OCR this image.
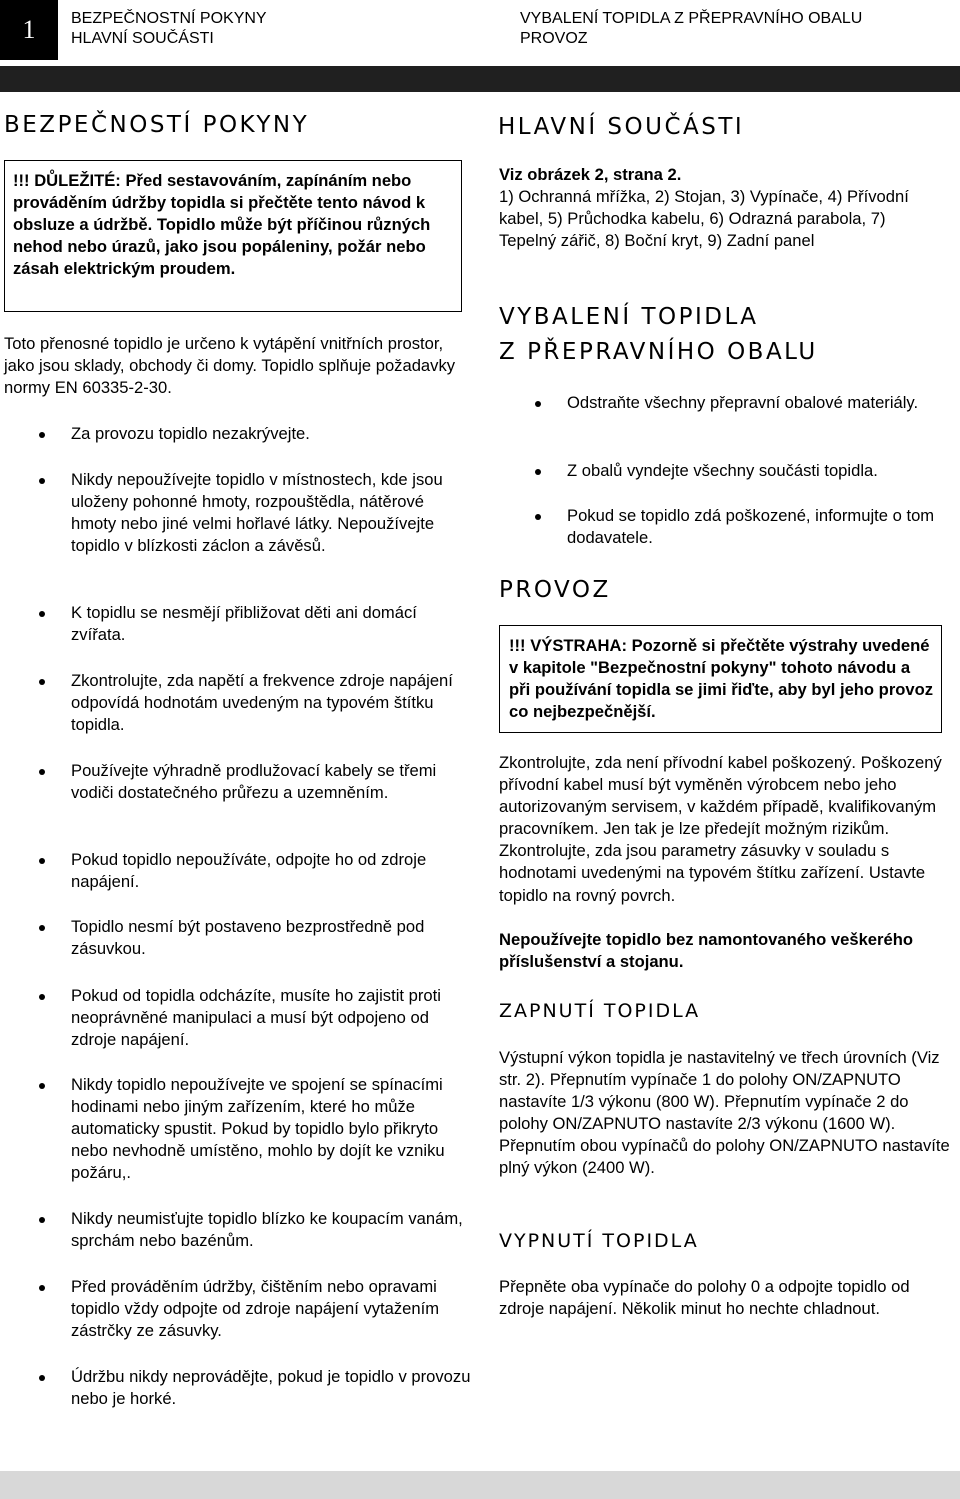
1	BEZPEČNOSTNÍ POKYNY
HLAVNÍ SOUČÁSTI
VYBALENÍ TOPIDLA Z PŘEPRAVNÍHO OBALU
PROVOZ
BEZPEČNOSTÍ POKYNY
!!! DŮLEŽITÉ: Před sestavováním, zapínáním nebo prováděním údržby topidla si přečtěte tento návod k obsluze a údržbě. Topidlo může být příčinou různých nehod nebo úrazů, jako jsou popáleniny, požár nebo zásah elektrickým proudem.
Toto přenosné topidlo je určeno k vytápění vnitřních prostor, jako jsou sklady, obchody či domy. Topidlo splňuje požadavky normy EN 60335-2-30.
Za provozu topidlo nezakrývejte.
Nikdy nepoužívejte topidlo v místnostech, kde jsou uloženy pohonné hmoty, rozpouštědla, nátěrové hmoty nebo jiné velmi hořlavé látky. Nepoužívejte topidlo v blízkosti záclon a závěsů.
K topidlu se nesmějí přibližovat děti ani domácí zvířata.
Zkontrolujte, zda napětí a frekvence zdroje napájení odpovídá hodnotám uvedeným na typovém štítku topidla.
Používejte výhradně prodlužovací kabely se třemi vodiči dostatečného průřezu a uzemněním.
Pokud topidlo nepoužíváte, odpojte ho od zdroje napájení.
Topidlo nesmí být postaveno bezprostředně pod zásuvkou.
Pokud od topidla odcházíte, musíte ho zajistit proti neoprávněné manipulaci a musí být odpojeno od zdroje napájení.
Nikdy topidlo nepoužívejte ve spojení se spínacími hodinami nebo jiným zařízením, které ho může automaticky spustit. Pokud by topidlo bylo přikryto nebo nevhodně umístěno, mohlo by dojít ke vzniku požáru,.
Nikdy neumisťujte topidlo blízko ke koupacím vanám, sprchám nebo bazénům.
Před prováděním údržby, čištěním nebo opravami topidlo vždy odpojte od zdroje napájení vytažením zástrčky ze zásuvky.
Údržbu nikdy neprovádějte, pokud je topidlo v provozu nebo je horké.
HLAVNÍ SOUČÁSTI
Viz obrázek 2, strana 2.
1) Ochranná mřížka, 2) Stojan, 3) Vypínače, 4) Přívodní kabel, 5) Průchodka kabelu, 6) Odrazná parabola, 7) Tepelný zářič, 8) Boční kryt, 9) Zadní panel
VYBALENÍ TOPIDLA
Z PŘEPRAVNÍHO OBALU
Odstraňte všechny přepravní obalové materiály.
Z obalů vyndejte všechny součásti topidla.
Pokud se topidlo zdá poškozené, informujte o tom dodavatele.
PROVOZ
!!! VÝSTRAHA: Pozorně si přečtěte výstrahy uvedené v kapitole "Bezpečnostní pokyny" tohoto návodu a při používání topidla se jimi řiďte, aby byl jeho provoz co nejbezpečnější.
Zkontrolujte, zda není přívodní kabel poškozený. Poškozený přívodní kabel musí být vyměněn výrobcem nebo jeho autorizovaným servisem, v každém případě, kvalifikovaným pracovníkem. Jen tak je lze předejít možným rizikům. Zkontrolujte, zda jsou parametry zásuvky v souladu s hodnotami uvedenými na typovém štítku zařízení. Ustavte topidlo na rovný povrch.
Nepoužívejte topidlo bez namontovaného veškerého příslušenství a stojanu.
ZAPNUTÍ TOPIDLA
Výstupní výkon topidla je nastavitelný ve třech úrovních (Viz str. 2). Přepnutím vypínače 1 do polohy ON/ZAPNUTO nastavíte 1/3 výkonu (800 W). Přepnutím vypínače 2 do polohy ON/ZAPNUTO nastavíte 2/3 výkonu (1600 W). Přepnutím obou vypínačů do polohy ON/ZAPNUTO nastavíte plný výkon (2400 W).
VYPNUTÍ TOPIDLA
Přepněte oba vypínače do polohy 0 a odpojte topidlo od zdroje napájení. Několik minut ho nechte chladnout.
